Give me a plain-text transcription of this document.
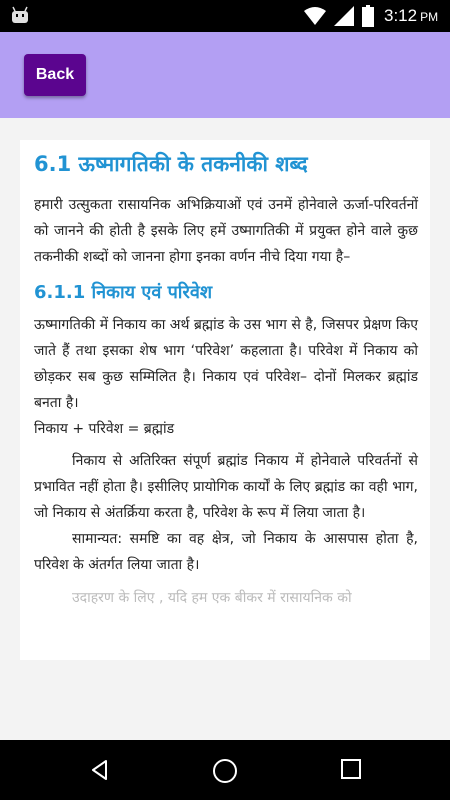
3:12 PM
Back
6.1 ऊष्मागतिकी के तकनीकी शब्द

हमारी उत्सुकता रासायनिक अभिक्रियाओं एवं उनमें होनेवाले ऊर्जा-परिवर्तनों को जानने की होती है इसके लिए हमें उष्मागतिकी में प्रयुक्त होने वाले कुछ तकनीकी शब्दों को जानना होगा इनका वर्णन नीचे दिया गया है–

6.1.1 निकाय एवं परिवेश

ऊष्मागतिकी में निकाय का अर्थ ब्रह्मांड के उस भाग से है, जिसपर प्रेक्षण किए जाते हैं तथा इसका शेष भाग ‘परिवेश’ कहलाता है। परिवेश में निकाय को छोड़कर सब कुछ सम्मिलित है। निकाय एवं परिवेश– दोनों मिलकर ब्रह्मांड बनता है।

निकाय + परिवेश = ब्रह्मांड

निकाय से अतिरिक्त संपूर्ण ब्रह्मांड निकाय में होनेवाले परिवर्तनों से प्रभावित नहीं होता है। इसीलिए प्रायोगिक कार्यों के लिए ब्रह्मांड का वही भाग, जो निकाय से अंतर्क्रिया करता है, परिवेश के रूप में लिया जाता है।

सामान्यत: समष्टि का वह क्षेत्र, जो निकाय के आसपास होता है, परिवेश के अंतर्गत लिया जाता है।

उदाहरण के लिए , यदि हम एक बीकर में रासायनिक को
